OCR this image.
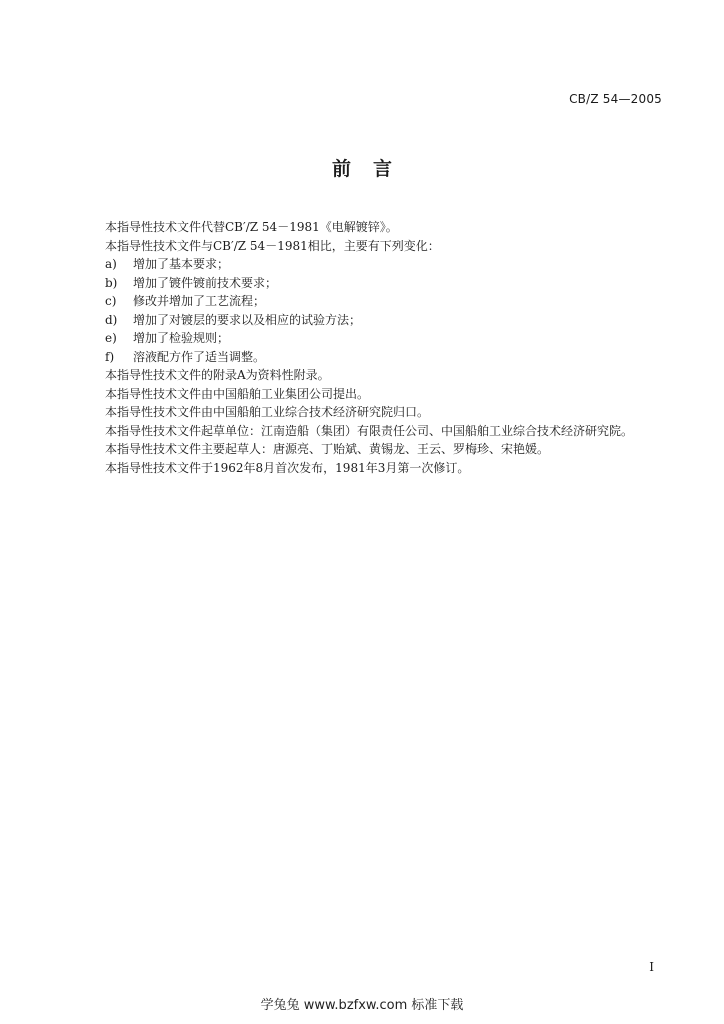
CB/Z 54—2005
前言
本指导性技术文件代替CB′/Z 54－1981《电解镀锌》。
本指导性技术文件与CB′/Z 54－1981相比，主要有下列变化：
a)	增加了基本要求；
b)	增加了镀件镀前技术要求；
c)	修改并增加了工艺流程；
d)	增加了对镀层的要求以及相应的试验方法；
e)	增加了检验规则；
f)	溶液配方作了适当调整。
本指导性技术文件的附录A为资料性附录。
本指导性技术文件由中国船舶工业集团公司提出。
本指导性技术文件由中国船舶工业综合技术经济研究院归口。
本指导性技术文件起草单位：江南造船（集团）有限责任公司、中国船舶工业综合技术经济研究院。
本指导性技术文件主要起草人：唐源亮、丁贻斌、黄锡龙、王云、罗梅珍、宋艳媛。
本指导性技术文件于1962年8月首次发布，1981年3月第一次修订。
I
学兔兔 www.bzfxw.com 标准下载
